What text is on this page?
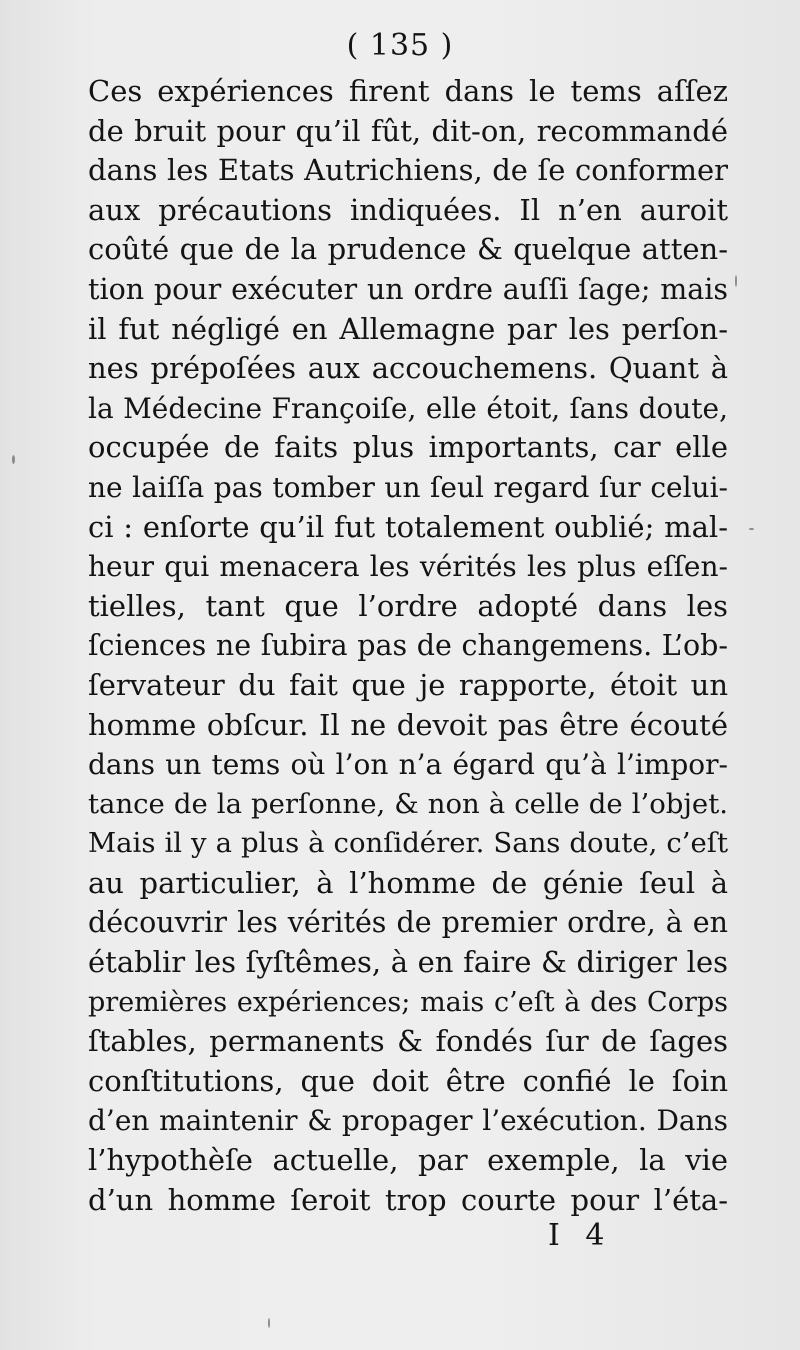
( 135 )
Ces expériences firent dans le tems aſſez
de bruit pour qu’il fût, dit-on, recommandé
dans les Etats Autrichiens, de ſe conformer
aux précautions indiquées. Il n’en auroit
coûté que de la prudence & quelque atten-
tion pour exécuter un ordre auſſi ſage; mais
il fut négligé en Allemagne par les perſon-
nes prépoſées aux accouchemens. Quant à
la Médecine Françoiſe, elle étoit, ſans doute,
occupée de faits plus importants, car elle
ne laiſſa pas tomber un ſeul regard ſur celui-
ci : enſorte qu’il fut totalement oublié; mal-
heur qui menacera les vérités les plus eſſen-
tielles, tant que l’ordre adopté dans les
ſciences ne ſubira pas de changemens. L’ob-
ſervateur du fait que je rapporte, étoit un
homme obſcur. Il ne devoit pas être écouté
dans un tems où l’on n’a égard qu’à l’impor-
tance de la perſonne, & non à celle de l’objet.
Mais il y a plus à conſidérer. Sans doute, c’eſt
au particulier, à l’homme de génie ſeul à
découvrir les vérités de premier ordre, à en
établir les ſyſtêmes, à en faire & diriger les
premières expériences; mais c’eſt à des Corps
ſtables, permanents & fondés ſur de ſages
conſtitutions, que doit être confié le ſoin
d’en maintenir & propager l’exécution. Dans
l’hypothèſe actuelle, par exemple, la vie
d’un homme ſeroit trop courte pour l’éta-
I 4
